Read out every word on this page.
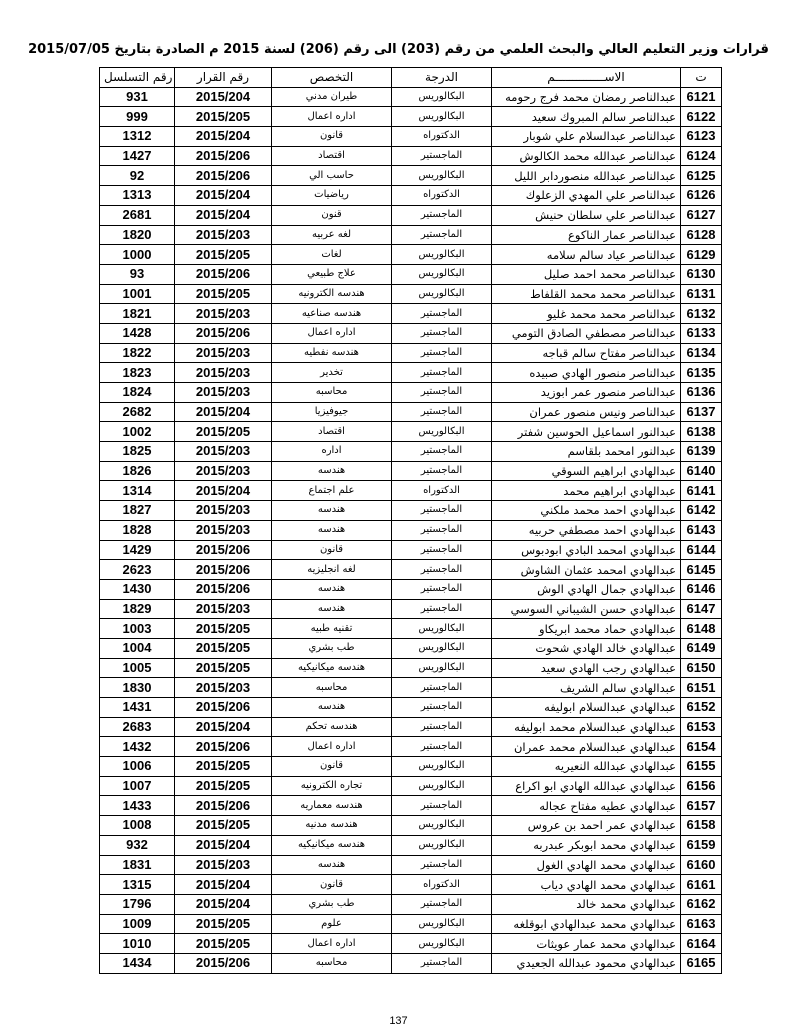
قرارات وزير التعليم العالي والبحث العلمي من رقم (203) الى رقم (206) لسنة 2015 م الصادرة بتاريخ 2015/07/05
رقم التسلسل	رقم القرار	التخصص	الدرجة	الاســــــــــــــم	ت
931	2015/204	طيران مدني	البكالوريس	عبدالناصر رمضان محمد فرج رحومه	6121
999	2015/205	اداره اعمال	البكالوريس	عبدالناصر سالم المبروك سعيد	6122
1312	2015/204	قانون	الدكتوراه	عبدالناصر عبدالسلام علي شوبار	6123
1427	2015/206	اقتصاد	الماجستير	عبدالناصر عبدالله محمد الكالوش	6124
92	2015/206	حاسب الي	البكالوريس	عبدالناصر عبدالله منصوردابر الليل	6125
1313	2015/204	رياضيات	الدكتوراه	عبدالناصر علي المهدي الزعلوك	6126
2681	2015/204	قنون	الماجستير	عبدالناصر علي سلطان حنيش	6127
1820	2015/203	لغه عربيه	الماجستير	عبدالناصر عمار الناكوع	6128
1000	2015/205	لغات	البكالوريس	عبدالناصر عياد سالم سلامه	6129
93	2015/206	علاج طبيعي	البكالوريس	عبدالناصر محمد احمد صليل	6130
1001	2015/205	هندسه الكترونيه	البكالوريس	عبدالناصر محمد محمد القلفاط	6131
1821	2015/203	هندسه صناعيه	الماجستير	عبدالناصر محمد محمد غليو	6132
1428	2015/206	اداره اعمال	الماجستير	عبدالناصر مصطفي الصادق التومي	6133
1822	2015/203	هندسه نفطيه	الماجستير	عبدالناصر مفتاح سالم قباجه	6134
1823	2015/203	تخدير	الماجستير	عبدالناصر منصور الهادي صبيده	6135
1824	2015/203	محاسبه	الماجستير	عبدالناصر منصور عمر ابوزيد	6136
2682	2015/204	جيوفيزيا	الماجستير	عبدالناصر ونيس منصور عمران	6137
1002	2015/205	اقتصاد	البكالوريس	عبدالنور اسماعيل الحوسين شفتر	6138
1825	2015/203	اداره	الماجستير	عبدالنور امحمد بلقاسم	6139
1826	2015/203	هندسه	الماجستير	عبدالهادي ابراهيم السوقي	6140
1314	2015/204	علم اجتماع	الدكتوراه	عبدالهادي ابراهيم محمد	6141
1827	2015/203	هندسه	الماجستير	عبدالهادي احمد محمد ملكني	6142
1828	2015/203	هندسه	الماجستير	عبدالهادي احمد مصطفي حربيه	6143
1429	2015/206	قانون	الماجستير	عبدالهادي امحمد البادي ابودبوس	6144
2623	2015/206	لغه انجليزيه	الماجستير	عبدالهادي امحمد عثمان الشاوش	6145
1430	2015/206	هندسه	الماجستير	عبدالهادي جمال الهادي الوش	6146
1829	2015/203	هندسه	الماجستير	عبدالهادي حسن الشيباني السوسي	6147
1003	2015/205	تقنيه طبيه	البكالوريس	عبدالهادي حماد محمد ابريكاو	6148
1004	2015/205	طب بشري	البكالوريس	عبدالهادي خالد الهادي شحوت	6149
1005	2015/205	هندسه ميكانيكيه	البكالوريس	عبدالهادي رجب الهادي سعيد	6150
1830	2015/203	محاسبه	الماجستير	عبدالهادي سالم الشريف	6151
1431	2015/206	هندسه	الماجستير	عبدالهادي عبدالسلام ابوليفه	6152
2683	2015/204	هندسه تحكم	الماجستير	عبدالهادي عبدالسلام محمد ابوليفه	6153
1432	2015/206	اداره اعمال	الماجستير	عبدالهادي عبدالسلام محمد عمران	6154
1006	2015/205	قانون	البكالوريس	عبدالهادي عبدالله النعيريه	6155
1007	2015/205	تجاره الكترونيه	البكالوريس	عبدالهادي عبدالله الهادي ابو اكراع	6156
1433	2015/206	هندسه معماريه	الماجستير	عبدالهادي عطيه مفتاح عجاله	6157
1008	2015/205	هندسه مدنيه	البكالوريس	عبدالهادي عمر احمد بن عروس	6158
932	2015/204	هندسه ميكانيكيه	البكالوريس	عبدالهادي محمد ابوبكر عبدربه	6159
1831	2015/203	هندسه	الماجستير	عبدالهادي محمد الهادي الغول	6160
1315	2015/204	قانون	الدكتوراه	عبدالهادي محمد الهادي دياب	6161
1796	2015/204	طب بشري	الماجستير	عبدالهادي محمد خالد	6162
1009	2015/205	علوم	البكالوريس	عبدالهادي محمد عبدالهادي ابوقلغه	6163
1010	2015/205	اداره اعمال	البكالوريس	عبدالهادي محمد عمار عويثات	6164
1434	2015/206	محاسبه	الماجستير	عبدالهادي محمود عبدالله الجعيدي	6165
137
